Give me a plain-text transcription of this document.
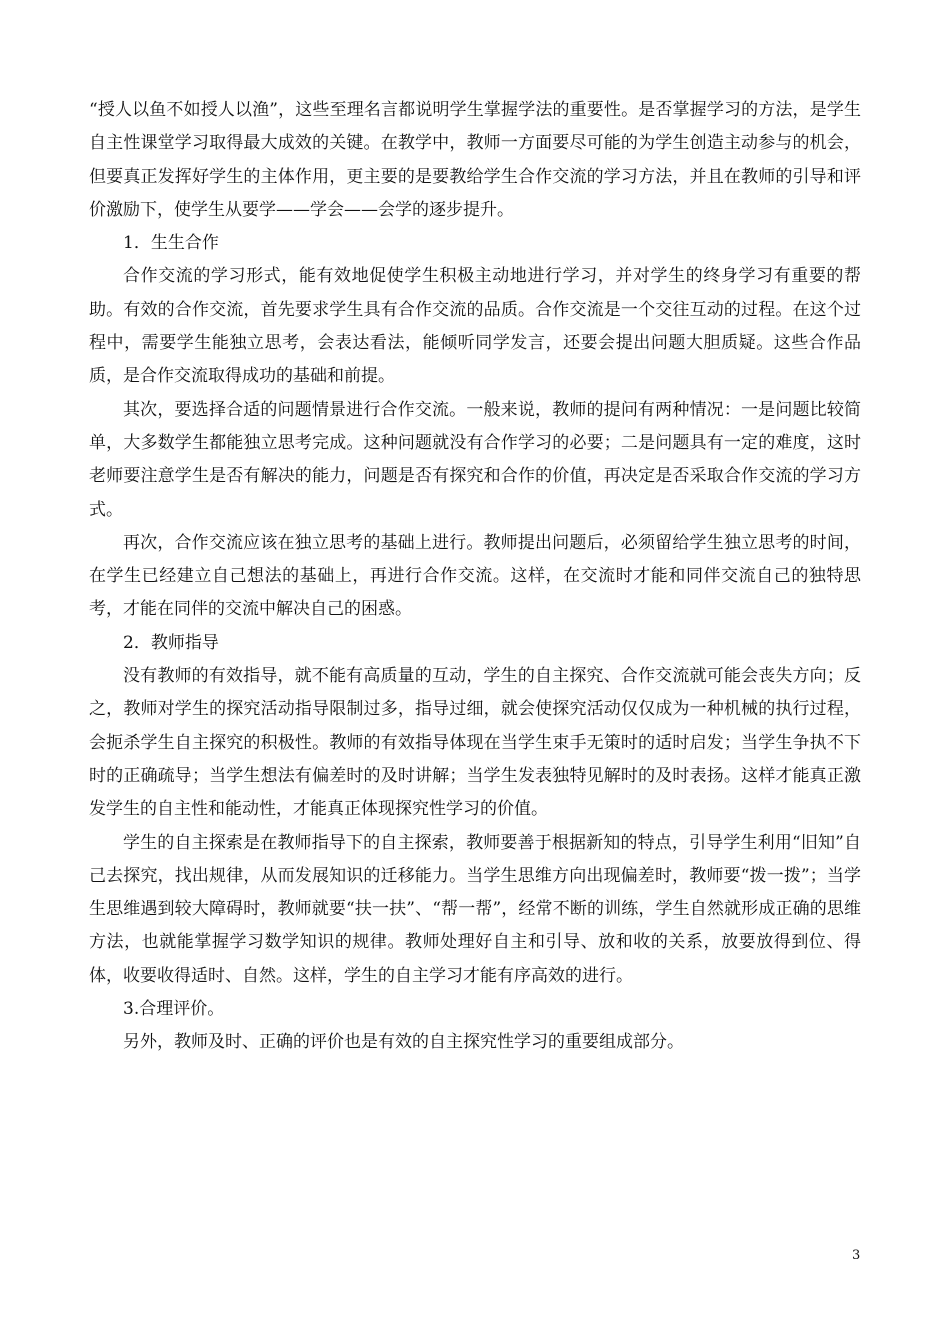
“授人以鱼不如授人以渔”，这些至理名言都说明学生掌握学法的重要性。是否掌握学习的方法，是学生自主性课堂学习取得最大成效的关键。在教学中，教师一方面要尽可能的为学生创造主动参与的机会，但要真正发挥好学生的主体作用，更主要的是要教给学生合作交流的学习方法，并且在教师的引导和评价激励下，使学生从要学——学会——会学的逐步提升。

1．生生合作

合作交流的学习形式，能有效地促使学生积极主动地进行学习，并对学生的终身学习有重要的帮助。有效的合作交流，首先要求学生具有合作交流的品质。合作交流是一个交往互动的过程。在这个过程中，需要学生能独立思考，会表达看法，能倾听同学发言，还要会提出问题大胆质疑。这些合作品质，是合作交流取得成功的基础和前提。

其次，要选择合适的问题情景进行合作交流。一般来说，教师的提问有两种情况：一是问题比较简单，大多数学生都能独立思考完成。这种问题就没有合作学习的必要；二是问题具有一定的难度，这时老师要注意学生是否有解决的能力，问题是否有探究和合作的价值，再决定是否采取合作交流的学习方式。

再次，合作交流应该在独立思考的基础上进行。教师提出问题后，必须留给学生独立思考的时间，在学生已经建立自己想法的基础上，再进行合作交流。这样，在交流时才能和同伴交流自己的独特思考，才能在同伴的交流中解决自己的困惑。

2．教师指导

没有教师的有效指导，就不能有高质量的互动，学生的自主探究、合作交流就可能会丧失方向；反之，教师对学生的探究活动指导限制过多，指导过细，就会使探究活动仅仅成为一种机械的执行过程，会扼杀学生自主探究的积极性。教师的有效指导体现在当学生束手无策时的适时启发；当学生争执不下时的正确疏导；当学生想法有偏差时的及时讲解；当学生发表独特见解时的及时表扬。这样才能真正激发学生的自主性和能动性，才能真正体现探究性学习的价值。

学生的自主探索是在教师指导下的自主探索，教师要善于根据新知的特点，引导学生利用“旧知”自己去探究，找出规律，从而发展知识的迁移能力。当学生思维方向出现偏差时，教师要“拨一拨”；当学生思维遇到较大障碍时，教师就要“扶一扶”、“帮一帮”，经常不断的训练，学生自然就形成正确的思维方法，也就能掌握学习数学知识的规律。教师处理好自主和引导、放和收的关系，放要放得到位、得体，收要收得适时、自然。这样，学生的自主学习才能有序高效的进行。

3.合理评价。

另外，教师及时、正确的评价也是有效的自主探究性学习的重要组成部分。

3
